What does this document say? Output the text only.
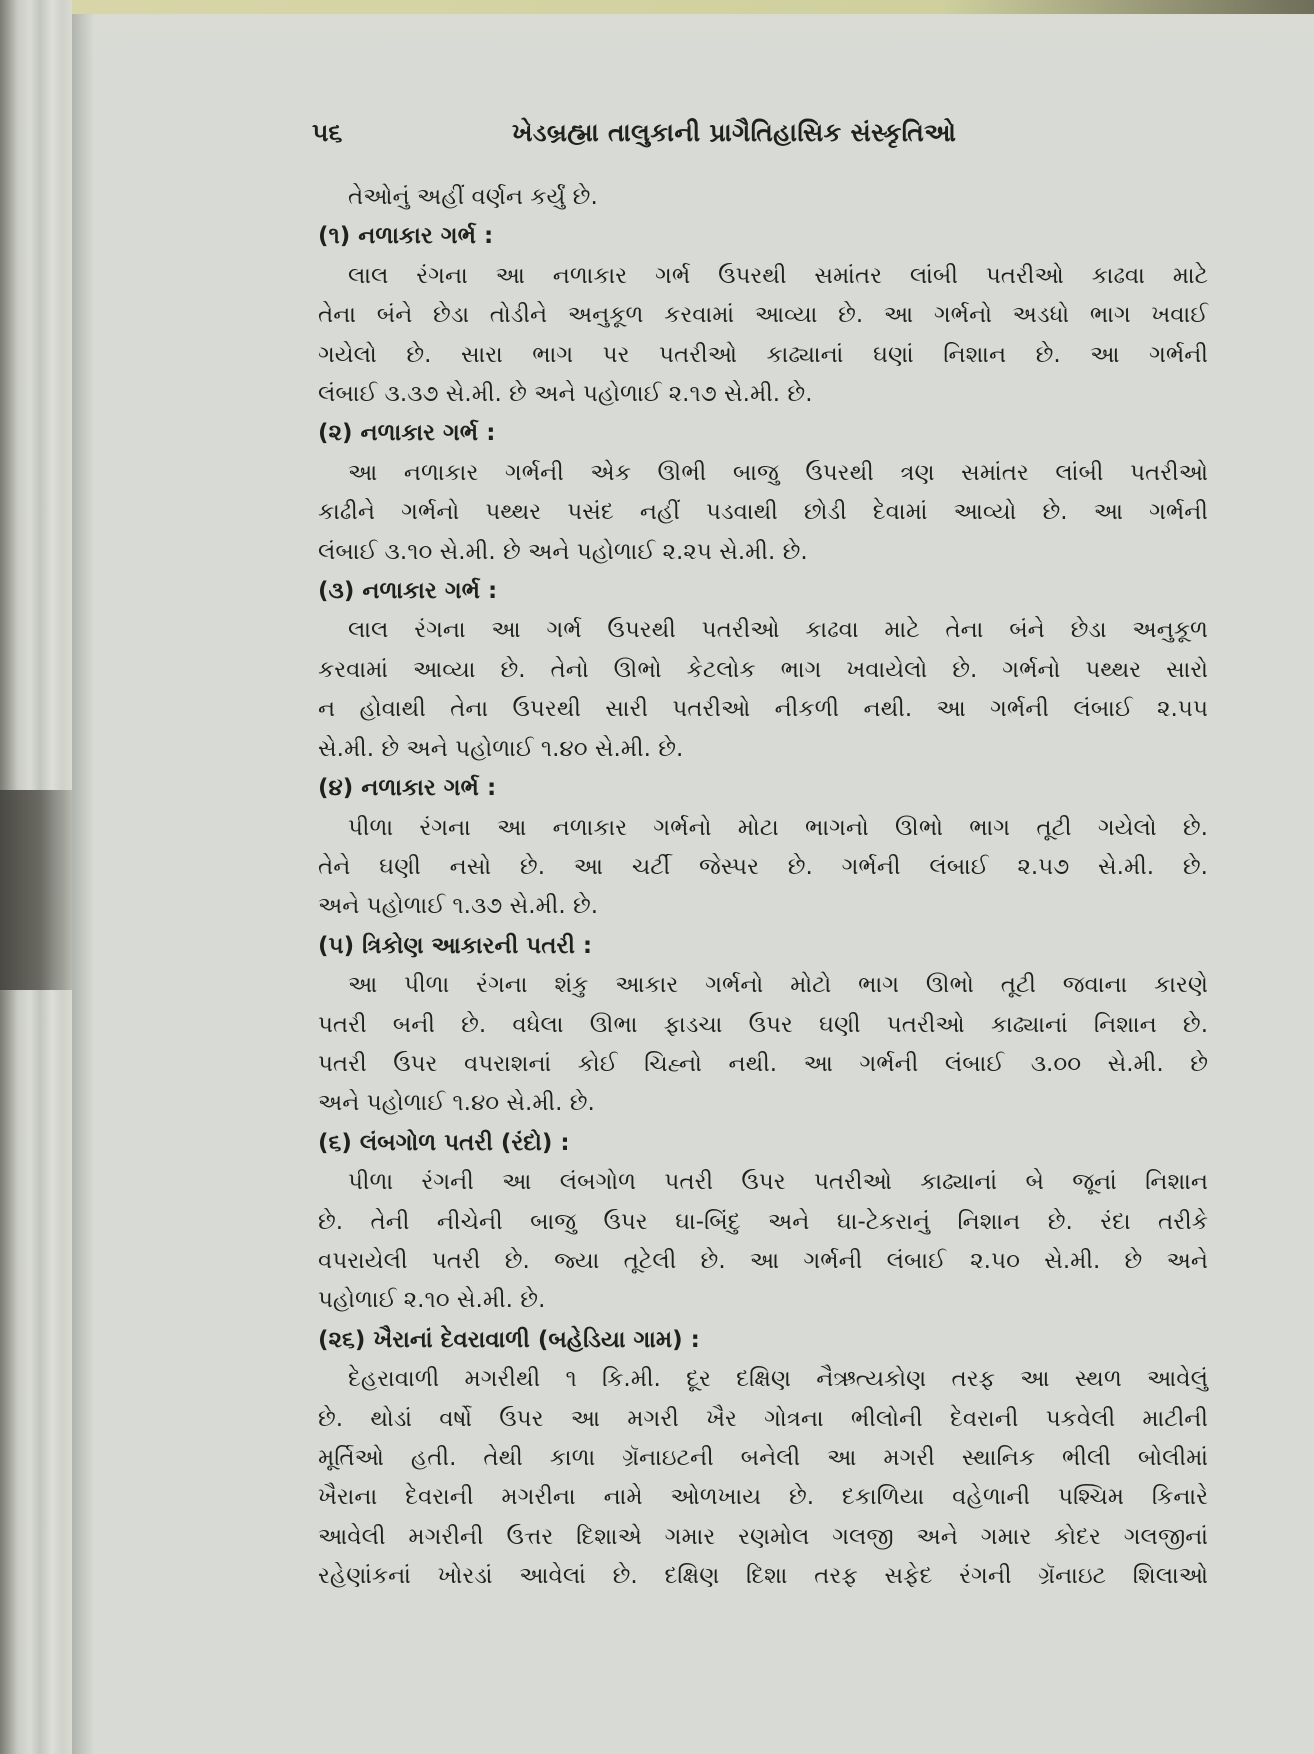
૫૬	ખેડબ્રહ્મા તાલુકાની પ્રાગૈતિહાસિક સંસ્કૃતિઓ

તેઓનું અહીં વર્ણન કર્યું છે.

(૧) નળાકાર ગર્ભ :

લાલ રંગના આ નળાકાર ગર્ભ ઉપરથી સમાંતર લાંબી પતરીઓ કાઢવા માટે

તેના બંને છેડા તોડીને અનુકૂળ કરવામાં આવ્યા છે. આ ગર્ભનો અડધો ભાગ ખવાઈ

ગયેલો છે. સારા ભાગ પર પતરીઓ કાઢ્યાનાં ઘણાં નિશાન છે. આ ગર્ભની

લંબાઈ ૩.૩૭ સે.મી. છે અને પહોળાઈ ૨.૧૭ સે.મી. છે.

(૨) નળાકાર ગર્ભ :

આ નળાકાર ગર્ભની એક ઊભી બાજુ ઉપરથી ત્રણ સમાંતર લાંબી પતરીઓ

કાઢીને ગર્ભનો પથ્થર પસંદ નહીં પડવાથી છોડી દેવામાં આવ્યો છે. આ ગર્ભની

લંબાઈ ૩.૧૦ સે.મી. છે અને પહોળાઈ ૨.૨૫ સે.મી. છે.

(૩) નળાકાર ગર્ભ :

લાલ રંગના આ ગર્ભ ઉપરથી પતરીઓ કાઢવા માટે તેના બંને છેડા અનુકૂળ

કરવામાં આવ્યા છે. તેનો ઊભો કેટલોક ભાગ ખવાયેલો છે. ગર્ભનો પથ્થર સારો

ન હોવાથી તેના ઉપરથી સારી પતરીઓ નીકળી નથી. આ ગર્ભની લંબાઈ ૨.૫૫

સે.મી. છે અને પહોળાઈ ૧.૪૦ સે.મી. છે.

(૪) નળાકાર ગર્ભ :

પીળા રંગના આ નળાકાર ગર્ભનો મોટા ભાગનો ઊભો ભાગ તૂટી ગયેલો છે.

તેને ઘણી નસો છે. આ ચર્ટી જેસ્પર છે. ગર્ભની લંબાઈ ૨.૫૭ સે.મી. છે.

અને પહોળાઈ ૧.૩૭ સે.મી. છે.

(૫) ત્રિકોણ આકારની પતરી :

આ પીળા રંગના શંકુ આકાર ગર્ભનો મોટો ભાગ ઊભો તૂટી જવાના કારણે

પતરી બની છે. વધેલા ઊભા ફાડચા ઉપર ઘણી પતરીઓ કાઢ્યાનાં નિશાન છે.

પતરી ઉપર વપરાશનાં કોઈ ચિહ્નો નથી. આ ગર્ભની લંબાઈ ૩.૦૦ સે.મી. છે

અને પહોળાઈ ૧.૪૦ સે.મી. છે.

(૬) લંબગોળ પતરી (રંદો) :

પીળા રંગની આ લંબગોળ પતરી ઉપર પતરીઓ કાઢ્યાનાં બે જૂનાં નિશાન

છે. તેની નીચેની બાજુ ઉપર ઘા-બિંદુ અને ઘા-ટેકરાનું નિશાન છે. રંદા તરીકે

વપરાયેલી પતરી છે. જ્યા તૂટેલી છે. આ ગર્ભની લંબાઈ ૨.૫૦ સે.મી. છે અને

પહોળાઈ ૨.૧૦ સે.મી. છે.

(૨૬) ખૈરાનાં દેવરાવાળી (બહેડિયા ગામ) :

દેહરાવાળી મગરીથી ૧ કિ.મી. દૂર દક્ષિણ નૈઋત્યકોણ તરફ આ સ્થળ આવેલું

છે. થોડાં વર્ષો ઉપર આ મગરી ખૈર ગોત્રના ભીલોની દેવરાની પકવેલી માટીની

મૂર્તિઓ હતી. તેથી કાળા ગ્રૅનાઇટની બનેલી આ મગરી સ્થાનિક ભીલી બોલીમાં

ખૈરાના દેવરાની મગરીના નામે ઓળખાય છે. દકાળિયા વહેળાની પશ્ચિમ કિનારે

આવેલી મગરીની ઉત્તર દિશાએ ગમાર રણમોલ ગલજી અને ગમાર કોદર ગલજીનાં

રહેણાંકનાં ખોરડાં આવેલાં છે. દક્ષિણ દિશા તરફ સફેદ રંગની ગ્રૅનાઇટ શિલાઓ
